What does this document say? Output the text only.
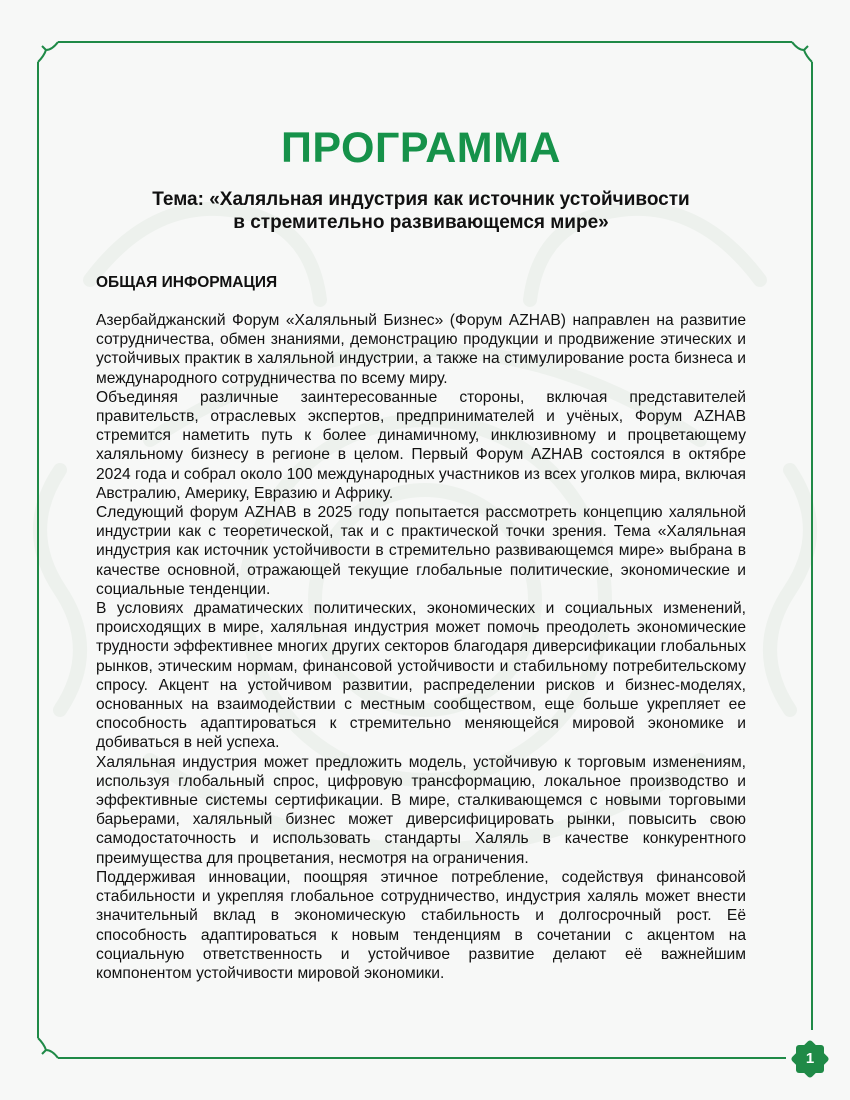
ПРОГРАММА
Тема: «Халяльная индустрия как источник устойчивости
в стремительно развивающемся мире»
ОБЩАЯ ИНФОРМАЦИЯ

Азербайджанский Форум «Халяльный Бизнес» (Форум AZHAB) направлен на развитие сотрудничества, обмен знаниями, демонстрацию продукции и продвижение этических и устойчивых практик в халяльной индустрии, а также на стимулирование роста бизнеса и международного сотрудничества по всему миру.

Объединяя различные заинтересованные стороны, включая представителей правительств, отраслевых экспертов, предпринимателей и учёных, Форум AZHAB стремится наметить путь к более динамичному, инклюзивному и процветающему халяльному бизнесу в регионе в целом. Первый Форум AZHAB состоялся в октябре 2024 года и собрал около 100 международных участников из всех уголков мира, включая Австралию, Америку, Евразию и Африку.

Следующий форум AZHAB в 2025 году попытается рассмотреть концепцию халяльной индустрии как с теоретической, так и с практической точки зрения. Тема «Халяльная индустрия как источник устойчивости в стремительно развивающемся мире» выбрана в качестве основной, отражающей текущие глобальные политические, экономические и социальные тенденции.

В условиях драматических политических, экономических и социальных изменений, происходящих в мире, халяльная индустрия может помочь преодолеть экономические трудности эффективнее многих других секторов благодаря диверсификации глобальных рынков, этическим нормам, финансовой устойчивости и стабильному потребительскому спросу. Акцент на устойчивом развитии, распределении рисков и бизнес-моделях, основанных на взаимодействии с местным сообществом, еще больше укрепляет ее способность адаптироваться к стремительно меняющейся мировой экономике и добиваться в ней успеха.

Халяльная индустрия может предложить модель, устойчивую к торговым изменениям, используя глобальный спрос, цифровую трансформацию, локальное производство и эффективные системы сертификации. В мире, сталкивающемся с новыми торговыми барьерами, халяльный бизнес может диверсифицировать рынки, повысить свою самодостаточность и использовать стандарты Халяль в качестве конкурентного преимущества для процветания, несмотря на ограничения.

Поддерживая инновации, поощряя этичное потребление, содействуя финансовой стабильности и укрепляя глобальное сотрудничество, индустрия халяль может внести значительный вклад в экономическую стабильность и долгосрочный рост. Её способность адаптироваться к новым тенденциям в сочетании с акцентом на социальную ответственность и устойчивое развитие делают её важнейшим компонентом устойчивости мировой экономики.

1
